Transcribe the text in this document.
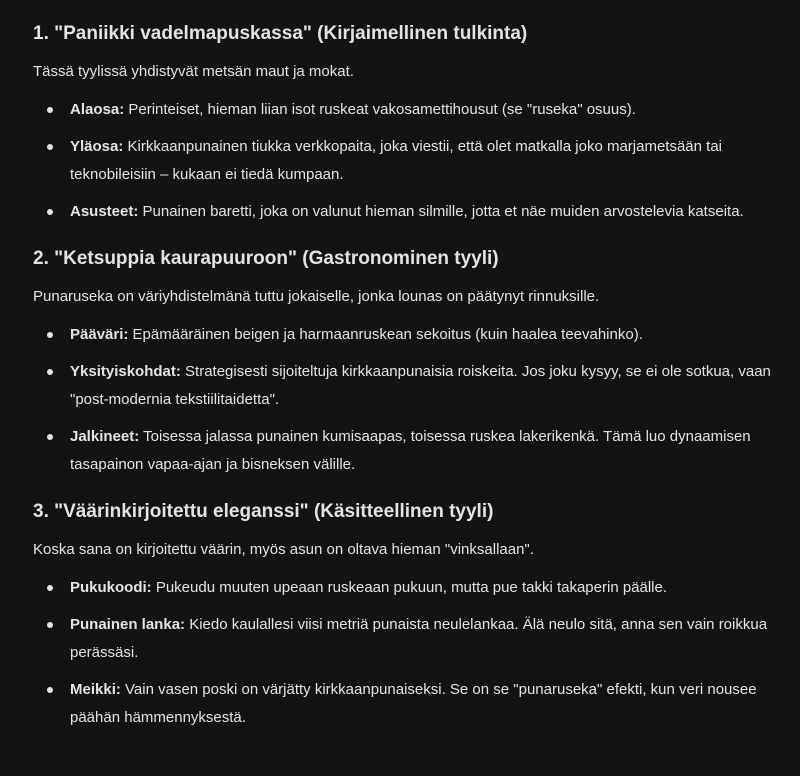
1. "Paniikki vadelmapuskassa" (Kirjaimellinen tulkinta)

Tässä tyylissä yhdistyvät metsän maut ja mokat.

Alaosa: Perinteiset, hieman liian isot ruskeat vakosamettihousut (se "ruseka" osuus).
Yläosa: Kirkkaanpunainen tiukka verkkopaita, joka viestii, että olet matkalla joko marjametsään tai teknobileisiin – kukaan ei tiedä kumpaan.
Asusteet: Punainen baretti, joka on valunut hieman silmille, jotta et näe muiden arvostelevia katseita.
2. "Ketsuppia kaurapuuroon" (Gastronominen tyyli)

Punaruseka on väriyhdistelmänä tuttu jokaiselle, jonka lounas on päätynyt rinnuksille.

Pääväri: Epämääräinen beigen ja harmaanruskean sekoitus (kuin haalea teevahinko).
Yksityiskohdat: Strategisesti sijoiteltuja kirkkaanpunaisia roiskeita. Jos joku kysyy, se ei ole sotkua, vaan "post-modernia tekstiilitaidetta".
Jalkineet: Toisessa jalassa punainen kumisaapas, toisessa ruskea lakerikenkä. Tämä luo dynaamisen tasapainon vapaa-ajan ja bisneksen välille.
3. "Väärinkirjoitettu eleganssi" (Käsitteellinen tyyli)

Koska sana on kirjoitettu väärin, myös asun on oltava hieman "vinksallaan".

Pukukoodi: Pukeudu muuten upeaan ruskeaan pukuun, mutta pue takki takaperin päälle.
Punainen lanka: Kiedo kaulallesi viisi metriä punaista neulelankaa. Älä neulo sitä, anna sen vain roikkua perässäsi.
Meikki: Vain vasen poski on värjätty kirkkaanpunaiseksi. Se on se "punaruseka" efekti, kun veri nousee päähän hämmennyksestä.
